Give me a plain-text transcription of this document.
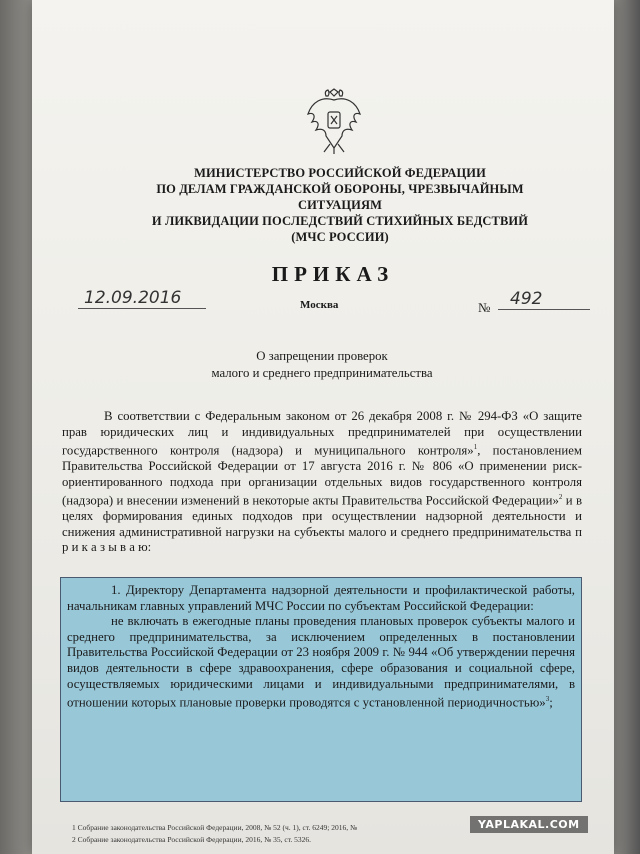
МИНИСТЕРСТВО РОССИЙСКОЙ ФЕДЕРАЦИИ
ПО ДЕЛАМ ГРАЖДАНСКОЙ ОБОРОНЫ, ЧРЕЗВЫЧАЙНЫМ СИТУАЦИЯМ
И ЛИКВИДАЦИИ ПОСЛЕДСТВИЙ СТИХИЙНЫХ БЕДСТВИЙ
(МЧС РОССИИ)
ПРИКАЗ
12.09.2016	Москва	№	492
О запрещении проверок
малого и среднего предпринимательства
В соответствии с Федеральным законом от 26 декабря 2008 г. № 294-ФЗ «О защите прав юридических лиц и индивидуальных предпринимателей при осуществлении государственного контроля (надзора) и муниципального контроля»$^1$, постановлением Правительства Российской Федерации от 17 августа 2016 г. № 806 «О применении риск-ориентированного подхода при организации отдельных видов государственного контроля (надзора) и внесении изменений в некоторые акты Правительства Российской Федерации»$^2$ и в целях формирования единых подходов при осуществлении надзорной деятельности и снижения административной нагрузки на субъекты малого и среднего предпринимательства п р и к а з ы в а ю:

1. Директору Департамента надзорной деятельности и профилактической работы, начальникам главных управлений МЧС России по субъектам Российской Федерации:

не включать в ежегодные планы проведения плановых проверок субъекты малого и среднего предпринимательства, за исключением определенных в постановлении Правительства Российской Федерации от 23 ноября 2009 г. № 944 «Об утверждении перечня видов деятельности в сфере здравоохранения, сфере образования и социальной сфере, осуществляемых юридическими лицами и индивидуальными предпринимателями, в отношении которых плановые проверки проводятся с установленной периодичностью»$^3$;

1 Собрание законодательства Российской Федерации, 2008, № 52 (ч. 1), ст. 6249; 2016, №
2 Собрание законодательства Российской Федерации, 2016, № 35, ст. 5326.
YAPLAKAL.COM
